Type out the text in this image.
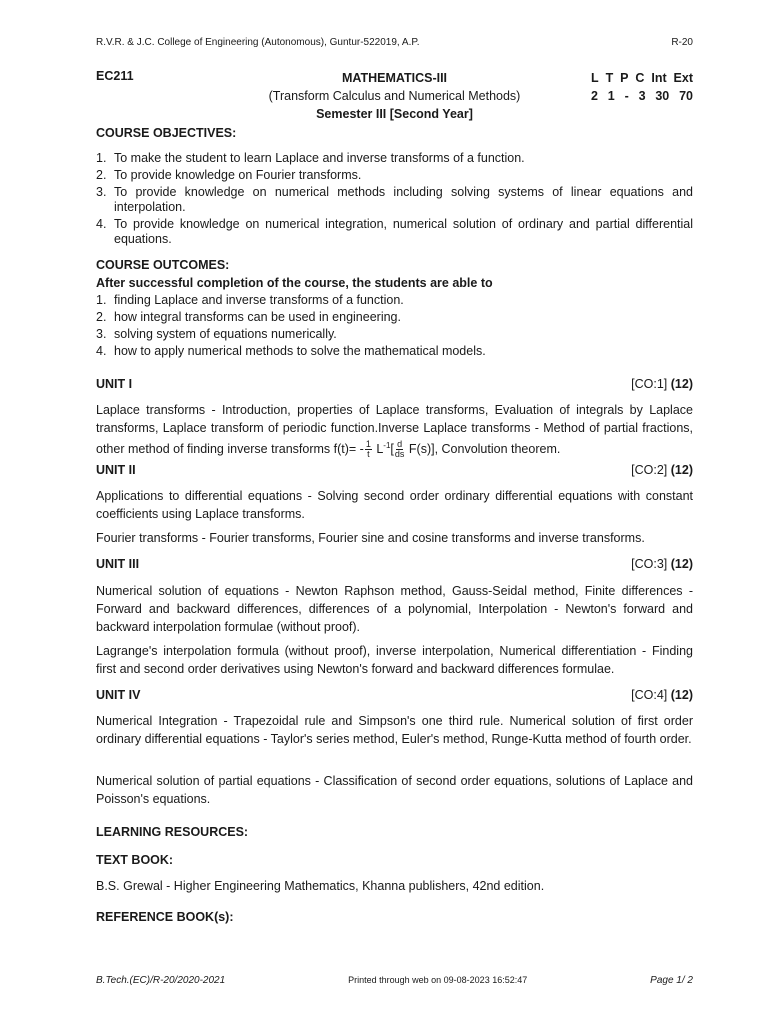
R.V.R. & J.C. College of Engineering (Autonomous), Guntur-522019, A.P.	R-20
MATHEMATICS-III
(Transform Calculus and Numerical Methods)
Semester III [Second Year]
EC211	L T P C Int Ext
2 1 - 3 30 70
COURSE OBJECTIVES:
1. To make the student to learn Laplace and inverse transforms of a function.
2. To provide knowledge on Fourier transforms.
3. To provide knowledge on numerical methods including solving systems of linear equations and interpolation.
4. To provide knowledge on numerical integration, numerical solution of ordinary and partial differential equations.
COURSE OUTCOMES:
After successful completion of the course, the students are able to
1. finding Laplace and inverse transforms of a function.
2. how integral transforms can be used in engineering.
3. solving system of equations numerically.
4. how to apply numerical methods to solve the mathematical models.
UNIT I	[CO:1] (12)

Laplace transforms - Introduction, properties of Laplace transforms, Evaluation of integrals by Laplace transforms, Laplace transform of periodic function.Inverse Laplace transforms - Method of partial fractions, other method of finding inverse transforms $f(t)= - \frac{1}{t} L^{-1}[ \frac{d}{ds} F(s)]$, Convolution theorem.

UNIT II	[CO:2] (12)

Applications to differential equations - Solving second order ordinary differential equations with constant coefficients using Laplace transforms.

Fourier transforms - Fourier transforms, Fourier sine and cosine transforms and inverse transforms.

UNIT III	[CO:3] (12)

Numerical solution of equations - Newton Raphson method, Gauss-Seidal method, Finite differences - Forward and backward differences, differences of a polynomial, Interpolation - Newton's forward and backward interpolation formulae (without proof).

Lagrange's interpolation formula (without proof), inverse interpolation, Numerical differentiation - Finding first and second order derivatives using Newton's forward and backward differences formulae.

UNIT IV	[CO:4] (12)

Numerical Integration - Trapezoidal rule and Simpson's one third rule. Numerical solution of first order ordinary differential equations - Taylor's series method, Euler's method, Runge-Kutta method of fourth order.

Numerical solution of partial equations - Classification of second order equations, solutions of Laplace and Poisson's equations.

LEARNING RESOURCES:
TEXT BOOK:

B.S. Grewal - Higher Engineering Mathematics, Khanna publishers, 42nd edition.

REFERENCE BOOK(s):
B.Tech.(EC)/R-20/2020-2021	Printed through web on 09-08-2023 16:52:47	Page 1/ 2
